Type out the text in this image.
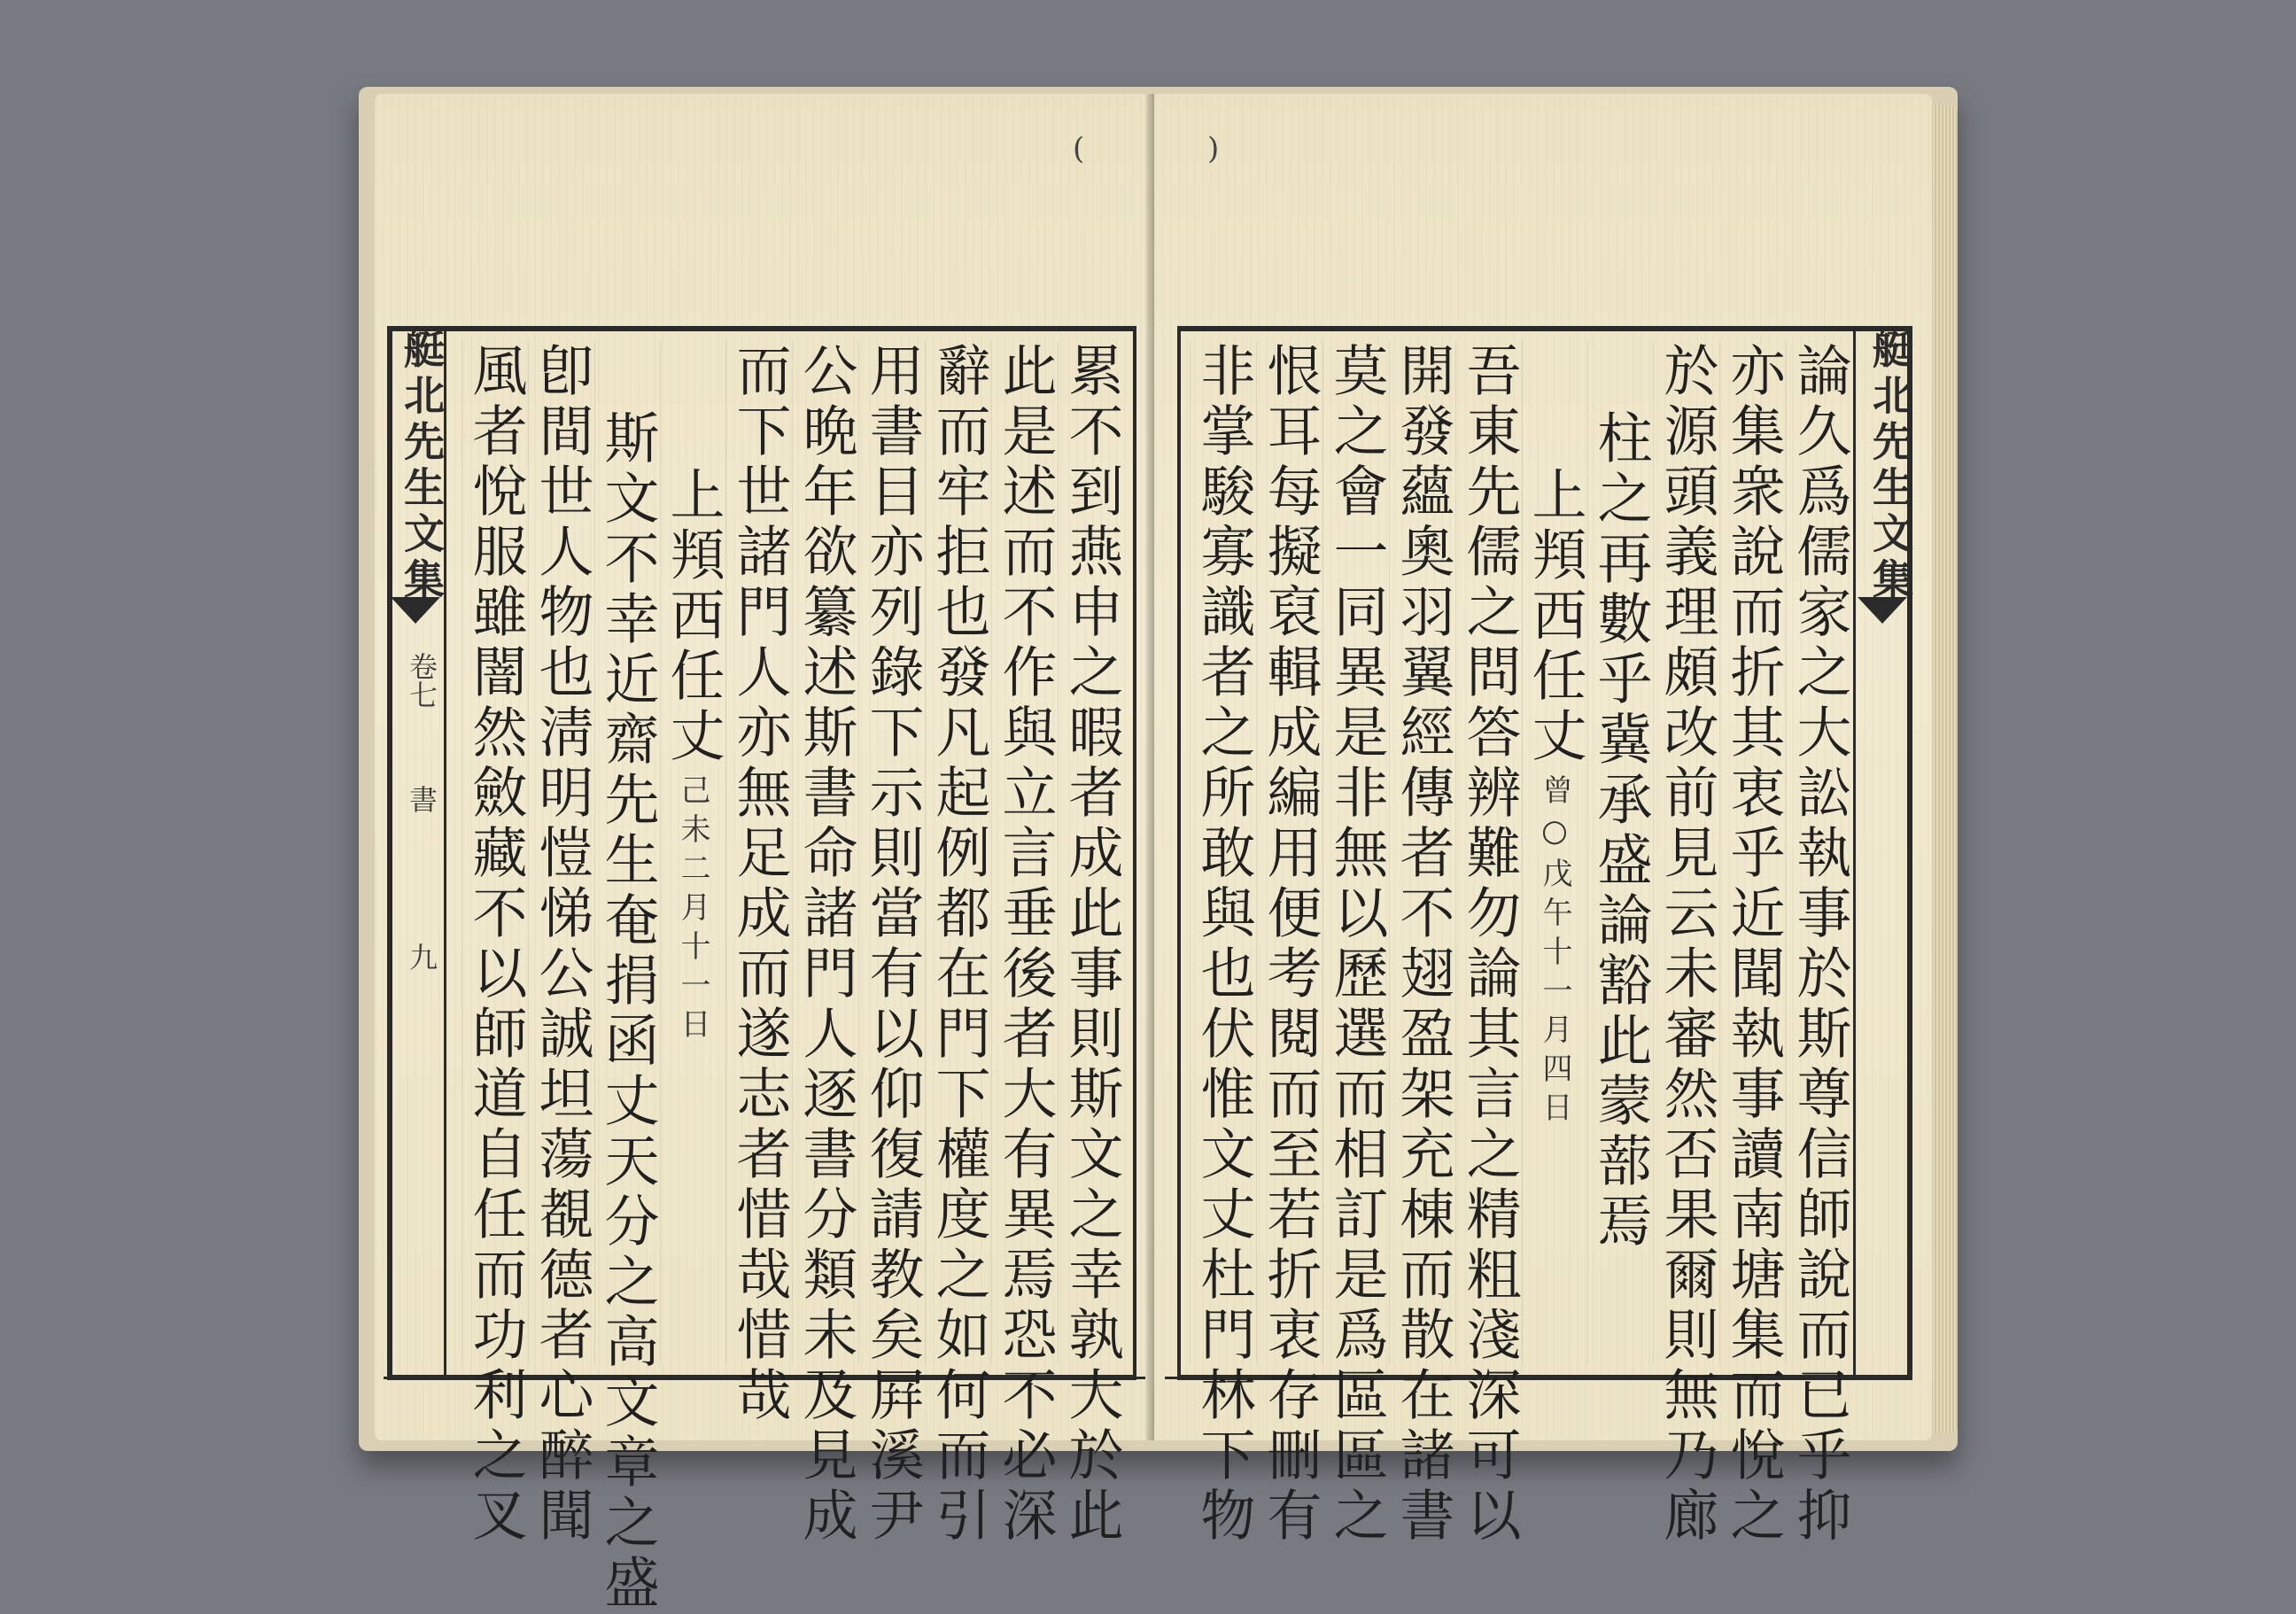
(
艇北先生文集
卷七
書
九	累不到燕申之暇者成此事則斯文之幸孰大於此
此是述而不作與立言垂後者大有異焉恐不必深
辭而牢拒也發凡起例都在門下權度之如何而引
用書目亦列錄下示則當有以仰復請教矣屛溪尹
公晩年欲纂述斯書命諸門人逐書分類未及見成
而下世諸門人亦無足成而遂志者惜哉惜哉
上頖西任丈己未二月十一日
斯文不幸近齋先生奄捐函丈天分之高文章之盛
卽間世人物也淸明愷悌公誠坦蕩覩德者心醉聞
風者悅服雖闇然斂藏不以師道自任而功利之叉
)
艇北先生文集
論久爲儒家之大訟執事於斯尊信師說而已乎抑
亦集衆說而折其衷乎近聞執事讀南塘集而悅之
於源頭義理頗改前見云未審然否果爾則無乃廊
柱之再數乎冀承盛論豁此蒙蔀焉
上頖西任丈曾○戊午十一月四日
吾東先儒之問答辨難勿論其言之精粗淺深可以
開發蘊奧羽翼經傳者不翅盈架充棟而散在諸書
莫之會一同異是非無以歷選而相訂是爲區區之
恨耳每擬裒輯成編用便考閱而至若折衷存刪有
非掌駿寡識者之所敢與也伏惟文丈杜門林下物
